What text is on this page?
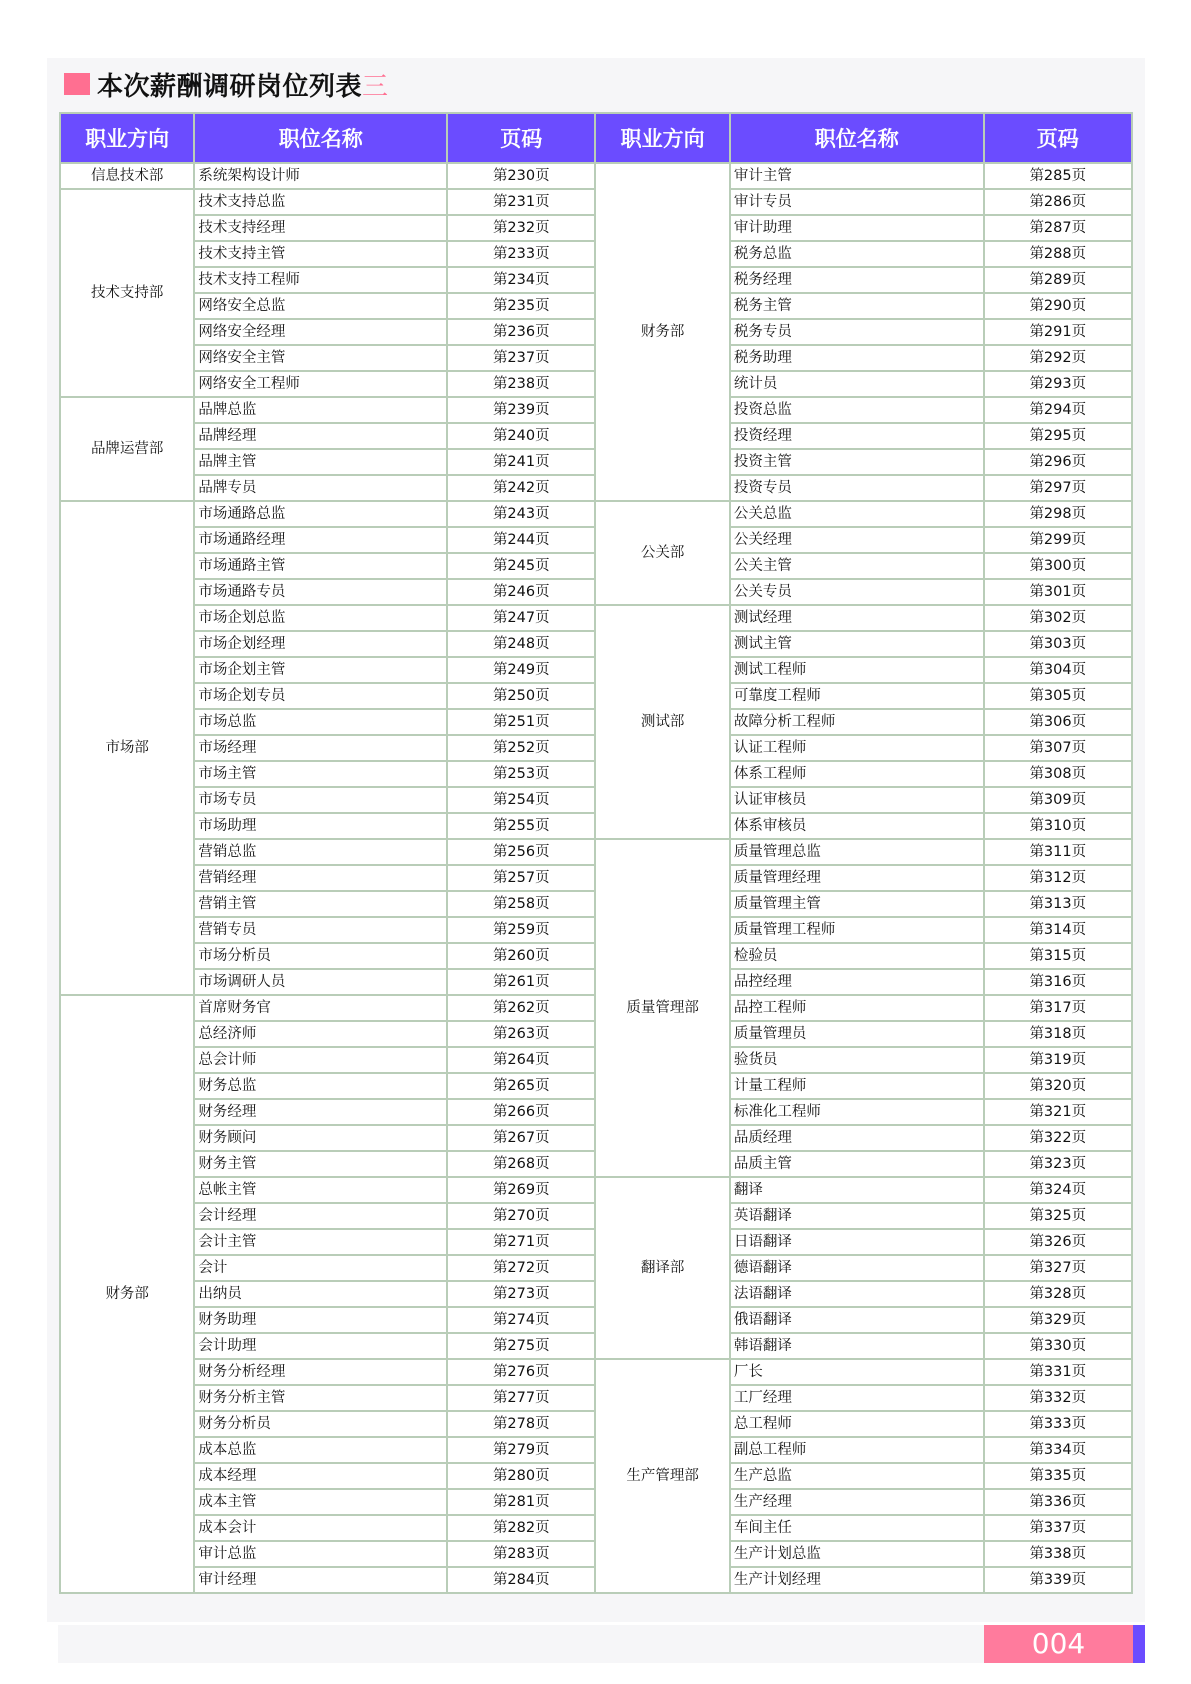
本次薪酬调研岗位列表 三
职业方向	职位名称	页码	职业方向	职位名称	页码
信息技术部	系统架构设计师	第230页	财务部	审计主管	第285页
技术支持部	技术支持总监	第231页		审计专员	第286页
	技术支持经理	第232页		审计助理	第287页
	技术支持主管	第233页		税务总监	第288页
	技术支持工程师	第234页		税务经理	第289页
	网络安全总监	第235页		税务主管	第290页
	网络安全经理	第236页		税务专员	第291页
	网络安全主管	第237页		税务助理	第292页
	网络安全工程师	第238页		统计员	第293页
品牌运营部	品牌总监	第239页		投资总监	第294页
	品牌经理	第240页		投资经理	第295页
	品牌主管	第241页		投资主管	第296页
	品牌专员	第242页		投资专员	第297页
市场部	市场通路总监	第243页	公关部	公关总监	第298页
	市场通路经理	第244页		公关经理	第299页
	市场通路主管	第245页		公关主管	第300页
	市场通路专员	第246页		公关专员	第301页
	市场企划总监	第247页	测试部	测试经理	第302页
	市场企划经理	第248页		测试主管	第303页
	市场企划主管	第249页		测试工程师	第304页
	市场企划专员	第250页		可靠度工程师	第305页
	市场总监	第251页		故障分析工程师	第306页
	市场经理	第252页		认证工程师	第307页
	市场主管	第253页		体系工程师	第308页
	市场专员	第254页		认证审核员	第309页
	市场助理	第255页		体系审核员	第310页
	营销总监	第256页	质量管理部	质量管理总监	第311页
	营销经理	第257页		质量管理经理	第312页
	营销主管	第258页		质量管理主管	第313页
	营销专员	第259页		质量管理工程师	第314页
	市场分析员	第260页		检验员	第315页
	市场调研人员	第261页		品控经理	第316页
财务部	首席财务官	第262页		品控工程师	第317页
	总经济师	第263页		质量管理员	第318页
	总会计师	第264页		验货员	第319页
	财务总监	第265页		计量工程师	第320页
	财务经理	第266页		标准化工程师	第321页
	财务顾问	第267页		品质经理	第322页
	财务主管	第268页		品质主管	第323页
	总帐主管	第269页	翻译部	翻译	第324页
	会计经理	第270页		英语翻译	第325页
	会计主管	第271页		日语翻译	第326页
	会计	第272页		德语翻译	第327页
	出纳员	第273页		法语翻译	第328页
	财务助理	第274页		俄语翻译	第329页
	会计助理	第275页		韩语翻译	第330页
	财务分析经理	第276页	生产管理部	厂长	第331页
	财务分析主管	第277页		工厂经理	第332页
	财务分析员	第278页		总工程师	第333页
	成本总监	第279页		副总工程师	第334页
	成本经理	第280页		生产总监	第335页
	成本主管	第281页		生产经理	第336页
	成本会计	第282页		车间主任	第337页
	审计总监	第283页		生产计划总监	第338页
	审计经理	第284页		生产计划经理	第339页
004
